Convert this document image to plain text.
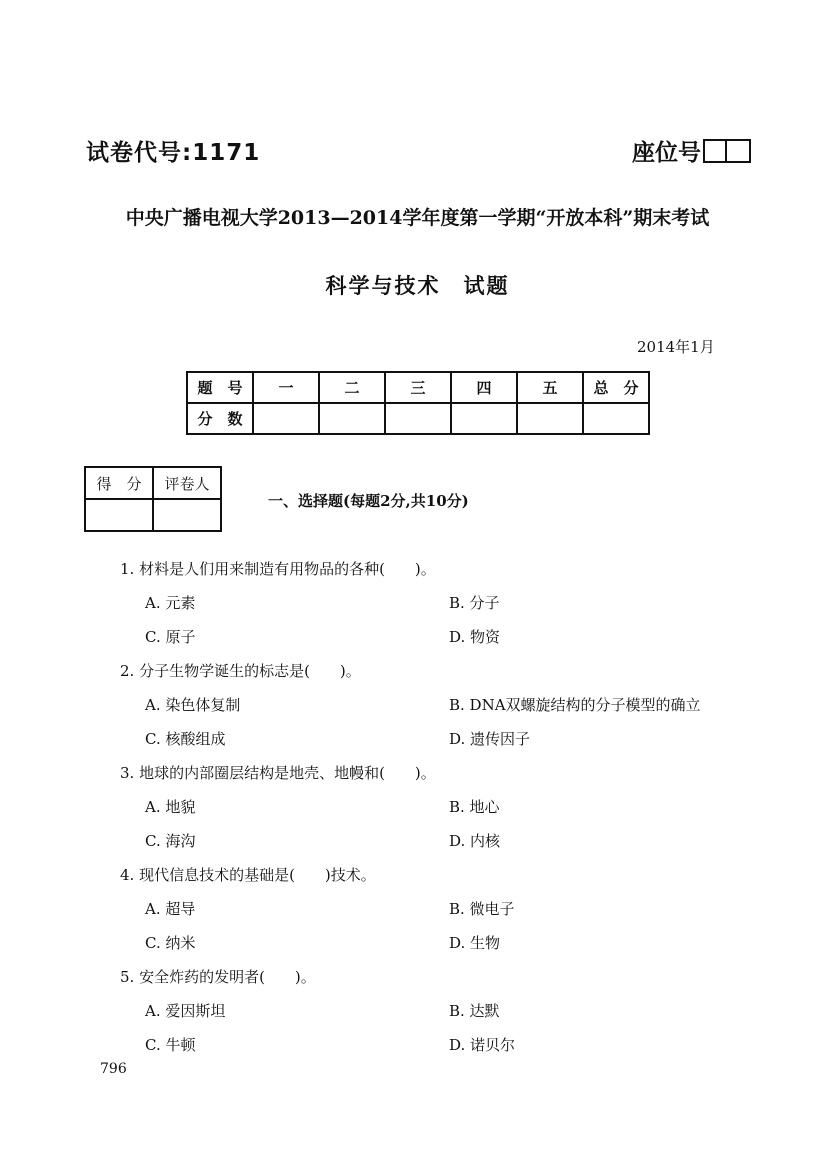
试卷代号:1171	座位号
中央广播电视大学2013—2014学年度第一学期“开放本科”期末考试
科学与技术　试题
2014年1月
题　号	一	二	三	四	五	总　分
分　数						
得　分	评卷人

一、选择题(每题2分,共10分)
1. 材料是人们用来制造有用物品的各种(　　)。
A. 元素	B. 分子
C. 原子	D. 物资
2. 分子生物学诞生的标志是(　　)。
A. 染色体复制	B. DNA双螺旋结构的分子模型的确立
C. 核酸组成	D. 遗传因子
3. 地球的内部圈层结构是地壳、地幔和(　　)。
A. 地貌	B. 地心
C. 海沟	D. 内核
4. 现代信息技术的基础是(　　)技术。
A. 超导	B. 微电子
C. 纳米	D. 生物
5. 安全炸药的发明者(　　)。
A. 爱因斯坦	B. 达默
C. 牛顿	D. 诺贝尔
796
